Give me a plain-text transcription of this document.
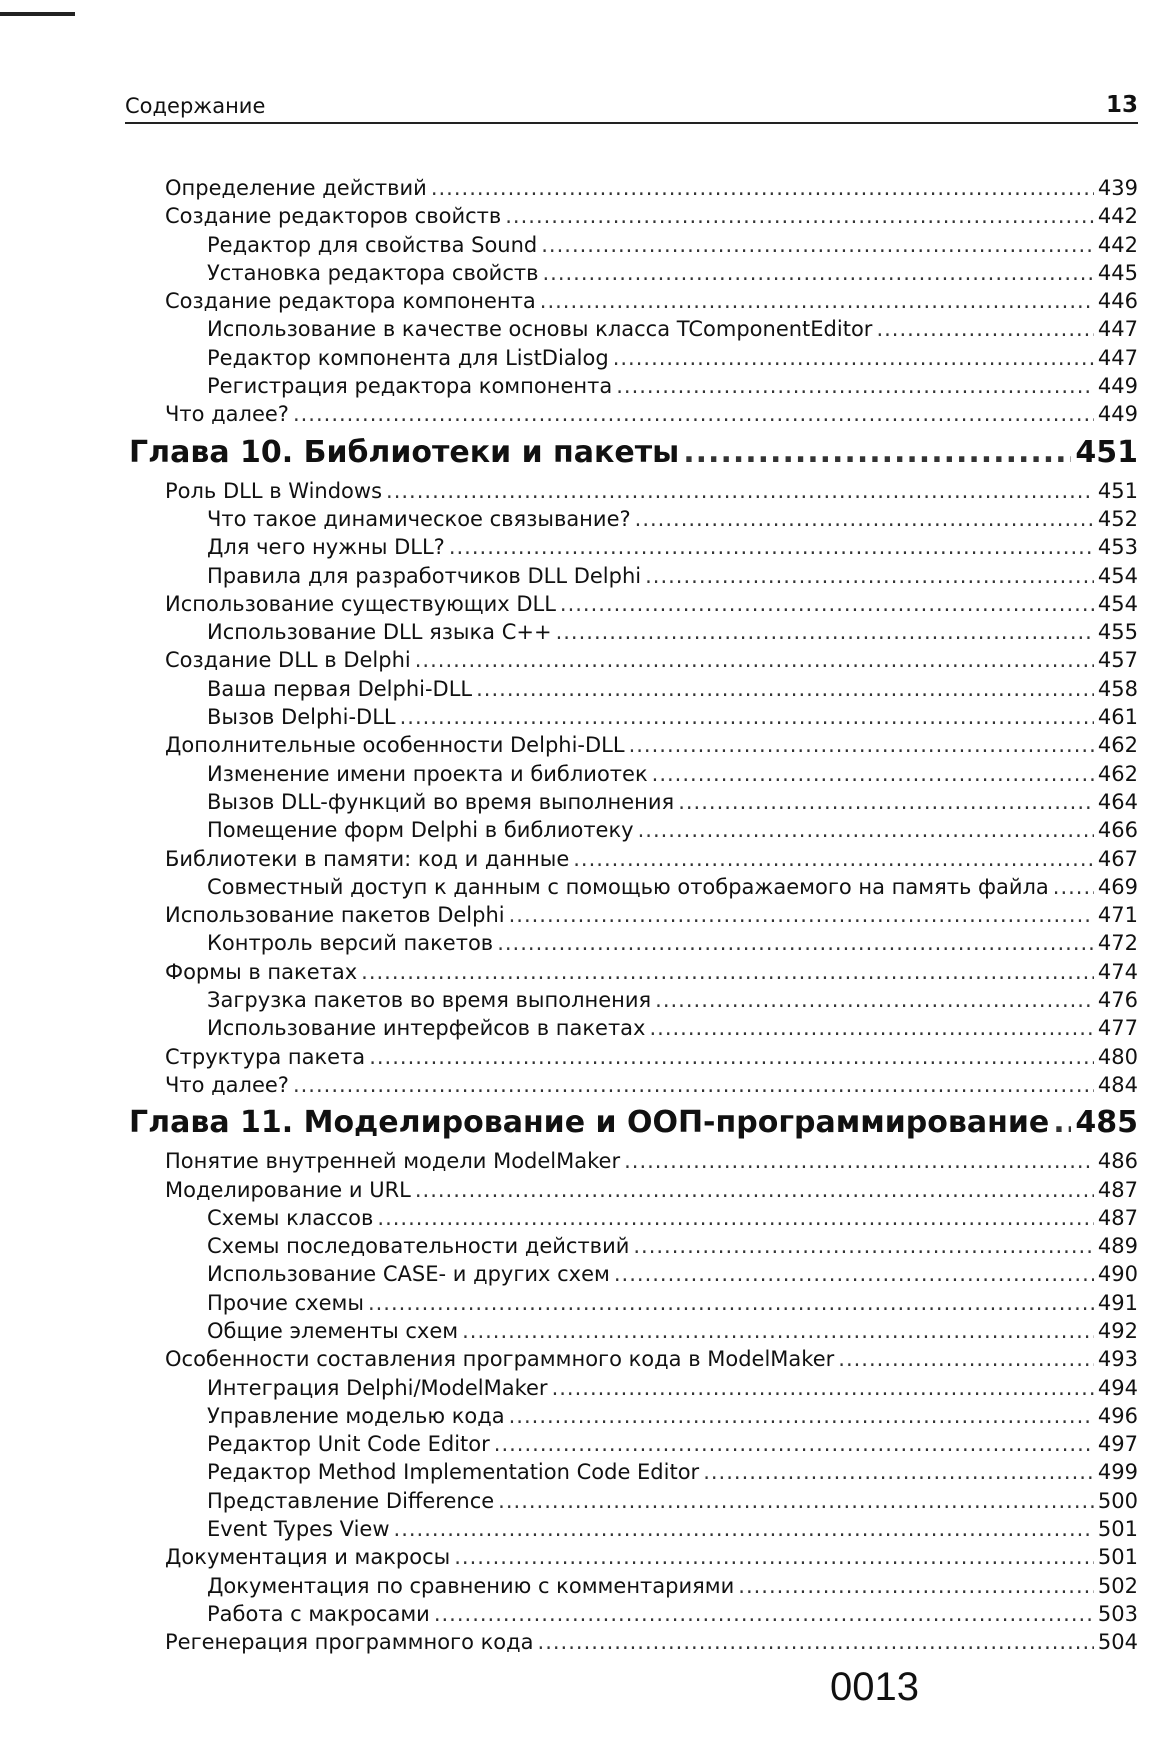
Содержание	13
Определение действий .....	439
Создание редакторов свойств .....	442
Редактор для свойства Sound .....	442
Установка редактора свойств .....	445
Создание редактора компонента .....	446
Использование в качестве основы класса TComponentEditor .....	447
Редактор компонента для ListDialog .....	447
Регистрация редактора компонента .....	449
Что далее? .....	449
Глава 10. Библиотеки и пакеты .....	451
Роль DLL в Windows .....	451
Что такое динамическое связывание? .....	452
Для чего нужны DLL? .....	453
Правила для разработчиков DLL Delphi .....	454
Использование существующих DLL .....	454
Использование DLL языка C++ .....	455
Создание DLL в Delphi .....	457
Ваша первая Delphi-DLL .....	458
Вызов Delphi-DLL .....	461
Дополнительные особенности Delphi-DLL .....	462
Изменение имени проекта и библиотек .....	462
Вызов DLL-функций во время выполнения .....	464
Помещение форм Delphi в библиотеку .....	466
Библиотеки в памяти: код и данные .....	467
Совместный доступ к данным с помощью отображаемого на память файла ..... 469
Использование пакетов Delphi .....	471
Контроль версий пакетов .....	472
Формы в пакетах .....	474
Загрузка пакетов во время выполнения .....	476
Использование интерфейсов в пакетах .....	477
Структура пакета .....	480
Что далее? .....	484
Глава 11. Моделирование и ООП-программирование ..... 485
Понятие внутренней модели ModelMaker .....	486
Моделирование и URL .....	487
Схемы классов .....	487
Схемы последовательности действий .....	489
Использование CASE- и других схем .....	490
Прочие схемы .....	491
Общие элементы схем .....	492
Особенности составления программного кода в ModelMaker .....	493
Интеграция Delphi/ModelMaker .....	494
Управление моделью кода .....	496
Редактор Unit Code Editor .....	497
Редактор Method Implementation Code Editor .....	499
Представление Difference .....	500
Event Types View .....	501
Документация и макросы .....	501
Документация по сравнению с комментариями .....	502
Работа с макросами .....	503
Регенерация программного кода .....	504
0013
